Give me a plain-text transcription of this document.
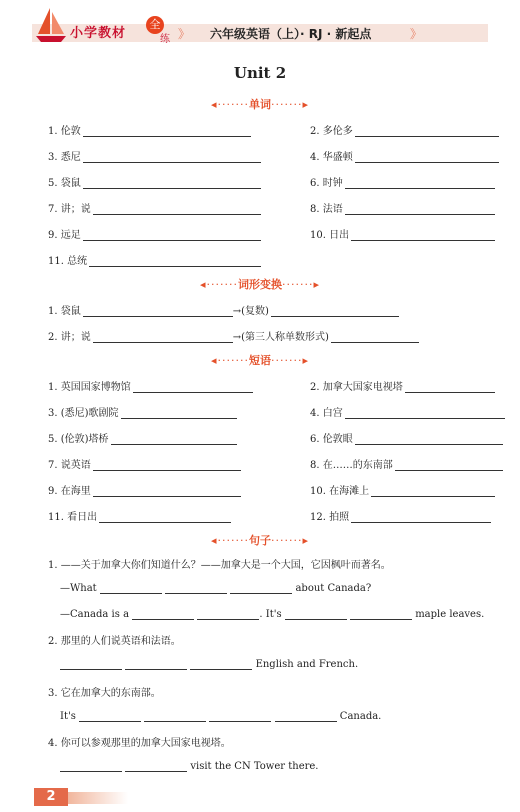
小学教材
全
练 》 六年级英语（上）· RJ · 新起点	》
Unit 2
◂·······单词·······▸
1. 伦敦	2. 多伦多
3. 悉尼	4. 华盛顿
5. 袋鼠	6. 时钟
7. 讲；说	8. 法语
9. 远足	10. 日出
11. 总统
◂·······词形变换·······▸
1. 袋鼠	→(复数)
2. 讲；说	→(第三人称单数形式)
◂·······短语·······▸
1. 英国国家博物馆	2. 加拿大国家电视塔
3. (悉尼)歌剧院	4. 白宫
5. (伦敦)塔桥	6. 伦敦眼
7. 说英语	8. 在……的东南部
9. 在海里	10. 在海滩上
11. 看日出	12. 拍照
◂·······句子·······▸
1. ——关于加拿大你们知道什么？——加拿大是一个大国，它因枫叶而著名。
—What	about Canada?
—Canada is a	. It's	maple leaves.
2. 那里的人们说英语和法语。
English and French.
3. 它在加拿大的东南部。
It's	Canada.
4. 你可以参观那里的加拿大国家电视塔。
visit the CN Tower there.
2
